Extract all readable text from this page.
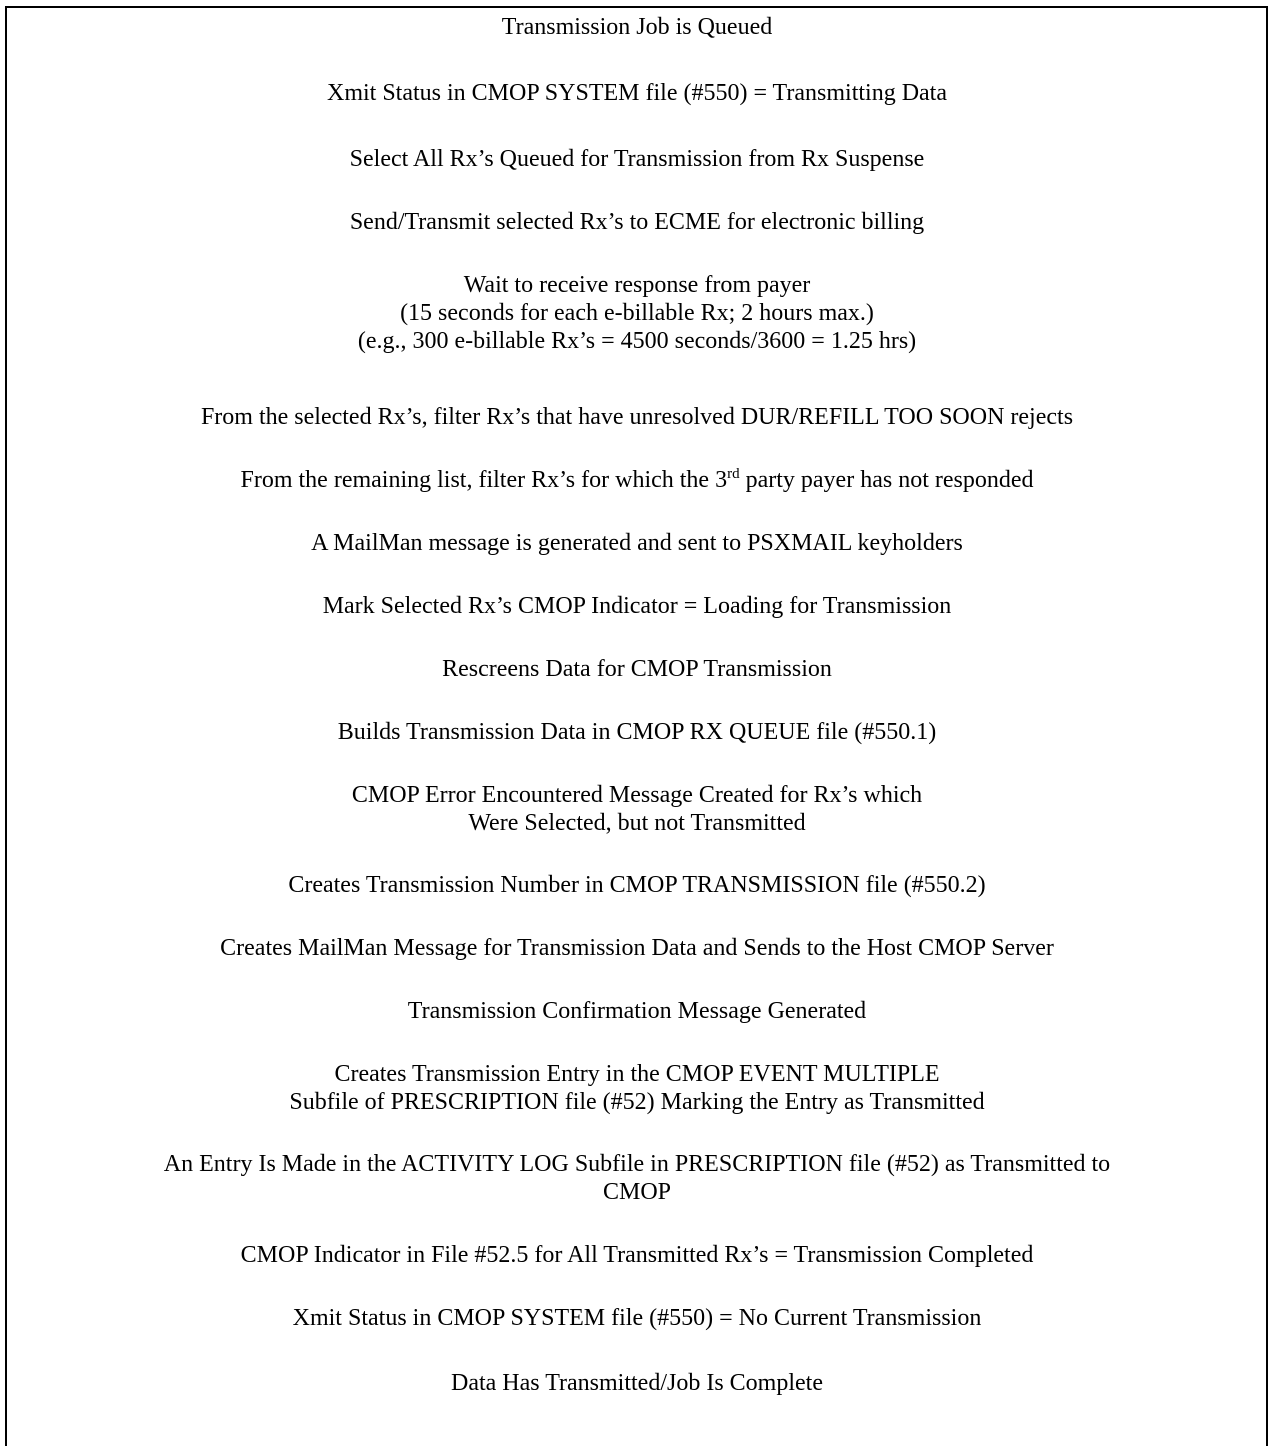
Transmission Job is Queued
Xmit Status in CMOP SYSTEM file (#550) = Transmitting Data
Select All Rx’s Queued for Transmission from Rx Suspense
Send/Transmit selected Rx’s to ECME for electronic billing
Wait to receive response from payer
(15 seconds for each e-billable Rx; 2 hours max.)
(e.g., 300 e-billable Rx’s = 4500 seconds/3600 = 1.25 hrs)
From the selected Rx’s, filter Rx’s that have unresolved DUR/REFILL TOO SOON rejects
From the remaining list, filter Rx’s for which the 3rd party payer has not responded
A MailMan message is generated and sent to PSXMAIL keyholders
Mark Selected Rx’s CMOP Indicator = Loading for Transmission
Rescreens Data for CMOP Transmission
Builds Transmission Data in CMOP RX QUEUE file (#550.1)
CMOP Error Encountered Message Created for Rx’s which
Were Selected, but not Transmitted
Creates Transmission Number in CMOP TRANSMISSION file (#550.2)
Creates MailMan Message for Transmission Data and Sends to the Host CMOP Server
Transmission Confirmation Message Generated
Creates Transmission Entry in the CMOP EVENT MULTIPLE
Subfile of PRESCRIPTION file (#52) Marking the Entry as Transmitted
An Entry Is Made in the ACTIVITY LOG Subfile in PRESCRIPTION file (#52) as Transmitted to
CMOP
CMOP Indicator in File #52.5 for All Transmitted Rx’s = Transmission Completed
Xmit Status in CMOP SYSTEM file (#550) = No Current Transmission
Data Has Transmitted/Job Is Complete
